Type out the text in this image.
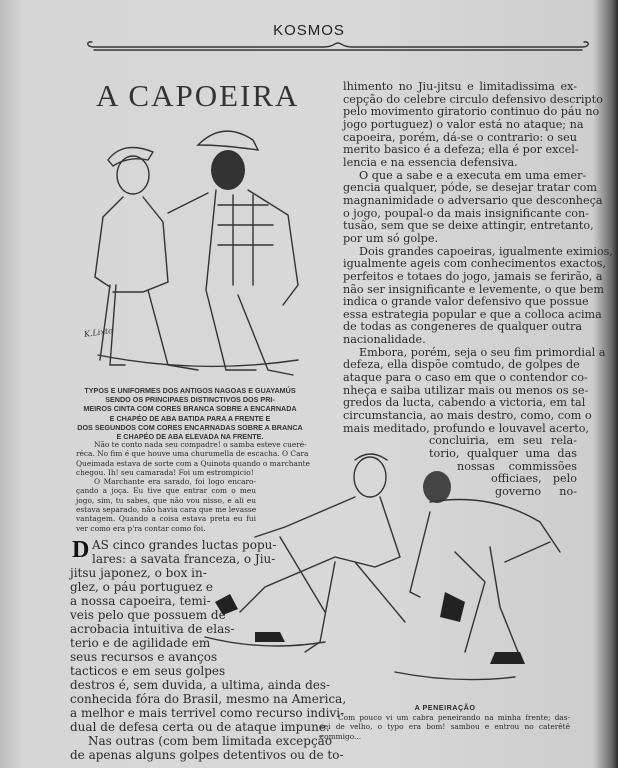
KOSMOS
A CAPOEIRA
K.Lixto
TYPOS E UNIFORMES DOS ANTIGOS NAGOAS E GUAYAMÚS
SENDO OS PRINCIPAES DISTINCTIVOS DOS PRI-
MEIROS CINTA COM CORES BRANCA SOBRE A ENCARNADA
E CHAPÉO DE ABA BATIDA PARA A FRENTE E
DOS SEGUNDOS COM CORES ENCARNADAS SOBRE A BRANCA
E CHAPÉO DE ABA ELEVADA NA FRENTE.
Não te conto nada seu compadre! o samba esteve cueré-
réca. No fim é que houve uma churumella de escacha. O Cara
Queimada estava de sorte com a Quinota quando o marchante
chegou. Ih! seu camarada! Foi um estrompicio!
O Marchante era sarado, foi logo encaro-
çando a joça. Eu tive que entrar com o meu
jogo, sim, tu sabes, que não vou nisso, e ali eu
estava separado, não havia cara que me levasse
vantagem. Quando a coisa estava preta eu fui
ver como era p'ra contar como foi.
D AS cinco grandes luctas popu-
lares: a savata franceza, o Jiu-
jitsu japonez, o box in-
glez, o páu portuguez e
a nossa capoeira, temi-
veis pelo que possuem de
acrobacia intuitiva de elas-
terio e de agilidade em
seus recursos e avanços
tacticos e em seus golpes
destros é, sem duvida, a ultima, ainda des-
conhecida fóra do Brasil, mesmo na America,
a melhor e mais terrivel como recurso indivi-
dual de defesa certa ou de ataque impune.
Nas outras (com bem limitada excepção
de apenas alguns golpes detentivos ou de to-
lhimento no Jiu-jitsu e limitadissima ex-
cepção do celebre circulo defensivo descripto
pelo movimento giratorio continuo do páu no
jogo portuguez) o valor está no ataque; na
capoeira, porém, dá-se o contrario: o seu
merito basico é a defeza; ella é por excel-
lencia e na essencia defensiva.
O que a sabe e a executa em uma emer-
gencia qualquer, póde, se desejar tratar com
magnanimidade o adversario que desconheça
o jogo, poupal-o da mais insignificante con-
tusão, sem que se deixe attingir, entretanto,
por um só golpe.
Dois grandes capoeiras, igualmente eximios,
igualmente ageis com conhecimentos exactos,
perfeitos e totaes do jogo, jamais se ferirão, a
não ser insignificante e levemente, o que bem
indica o grande valor defensivo que possue
essa estrategia popular e que a colloca acima
de todas as congeneres de qualquer outra
nacionalidade.
Embora, porém, seja o seu fim primordial a
defeza, ella dispõe comtudo, de golpes de
ataque para o caso em que o contendor co-
nheça e saiba utilizar mais ou menos os se-
gredos da lucta, cabendo a victoria, em tal
circumstancia, ao mais destro, como, com o
mais meditado, profundo e louvavel acerto,
concluiria, em seu rela-
torio, qualquer uma das
nossas commissões
officiaes, pelo
governo no-
A PENEIRAÇÃO
Com pouco vi um cabra peneirando na minha frente; das-
sei de velho, o typo era bom! sambou e entrou no caterêtê
commigo...
